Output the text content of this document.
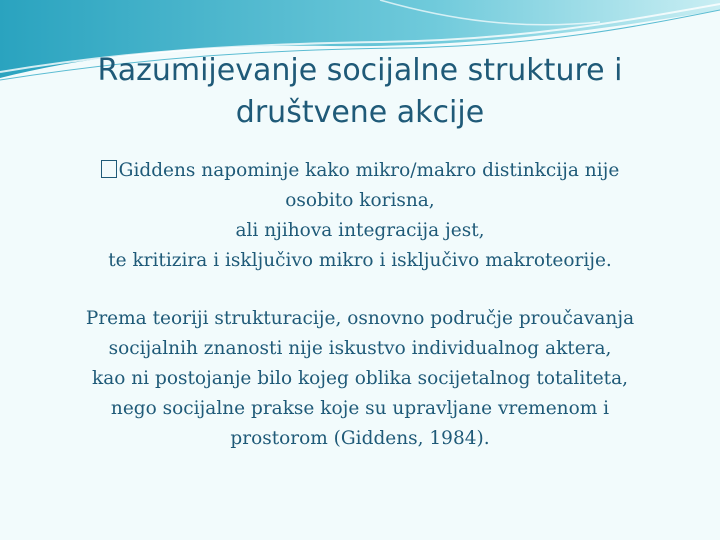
Razumijevanje socijalne strukture i
društvene akcije
Giddens napominje kako mikro/makro distinkcija nije
osobito korisna,
ali njihova integracija jest,
te kritizira i isključivo mikro i isključivo makroteorije.
Prema teoriji strukturacije, osnovno područje proučavanja
socijalnih znanosti nije iskustvo individualnog aktera,
kao ni postojanje bilo kojeg oblika socijetalnog totaliteta,
nego socijalne prakse koje su upravljane vremenom i
prostorom (Giddens, 1984).
